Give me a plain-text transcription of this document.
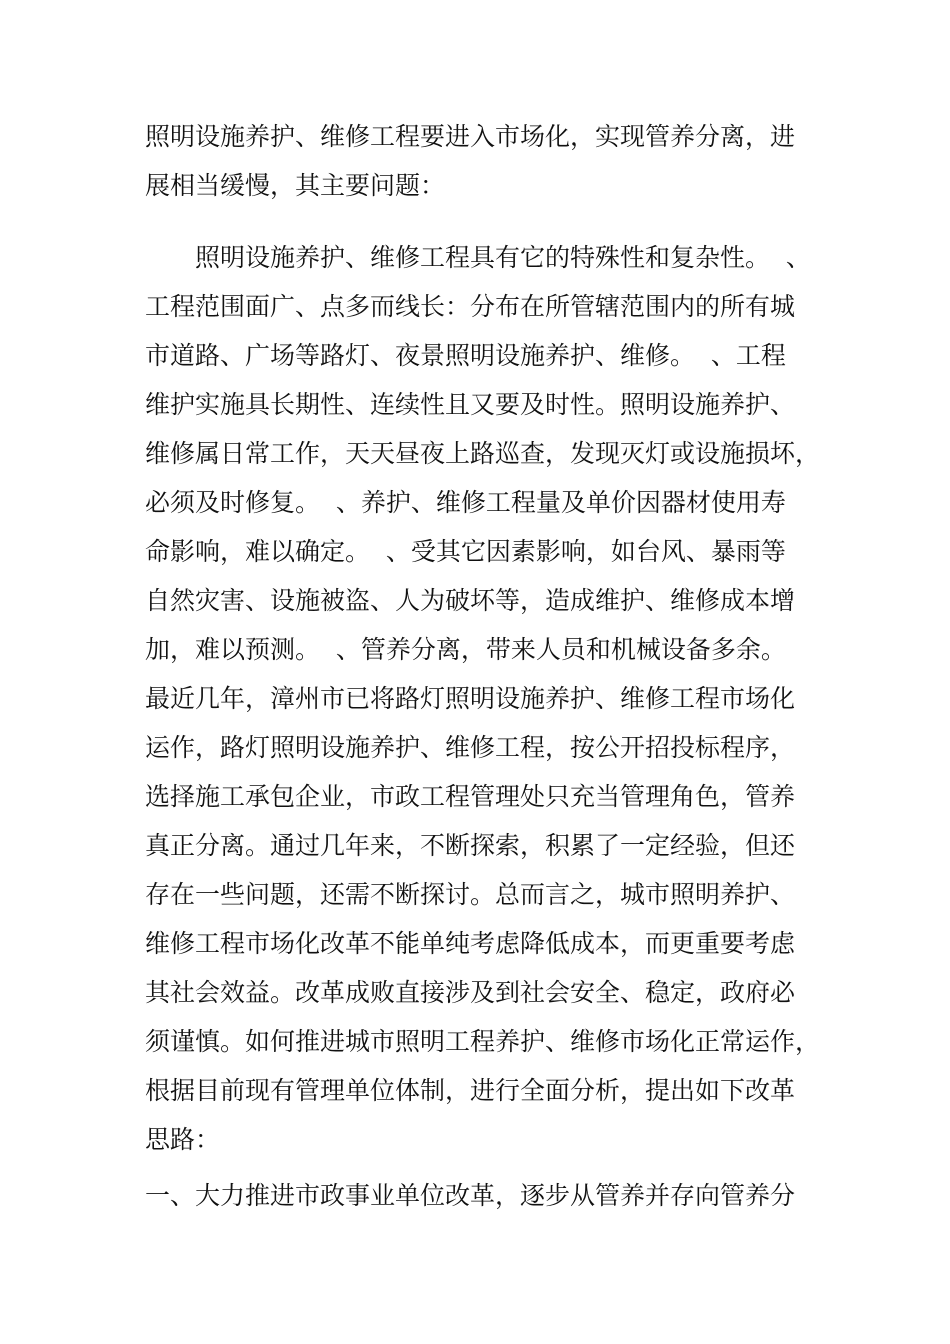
照明设施养护、维修工程要进入市场化，实现管养分离，进
展相当缓慢，其主要问题：
照明设施养护、维修工程具有它的特殊性和复杂性。  、
工程范围面广、点多而线长：分布在所管辖范围内的所有城
市道路、广场等路灯、夜景照明设施养护、维修。  、工程
维护实施具长期性、连续性且又要及时性。照明设施养护、
维修属日常工作，天天昼夜上路巡查，发现灭灯或设施损坏，
必须及时修复。  、养护、维修工程量及单价因器材使用寿
命影响，难以确定。  、受其它因素影响，如台风、暴雨等
自然灾害、设施被盗、人为破坏等，造成维护、维修成本增
加，难以预测。  、管养分离，带来人员和机械设备多余。
最近几年，漳州市已将路灯照明设施养护、维修工程市场化
运作，路灯照明设施养护、维修工程，按公开招投标程序，
选择施工承包企业，市政工程管理处只充当管理角色，管养
真正分离。通过几年来，不断探索，积累了一定经验，但还
存在一些问题，还需不断探讨。总而言之，城市照明养护、
维修工程市场化改革不能单纯考虑降低成本，而更重要考虑
其社会效益。改革成败直接涉及到社会安全、稳定，政府必
须谨慎。如何推进城市照明工程养护、维修市场化正常运作，
根据目前现有管理单位体制，进行全面分析，提出如下改革
思路：
一、大力推进市政事业单位改革，逐步从管养并存向管养分
